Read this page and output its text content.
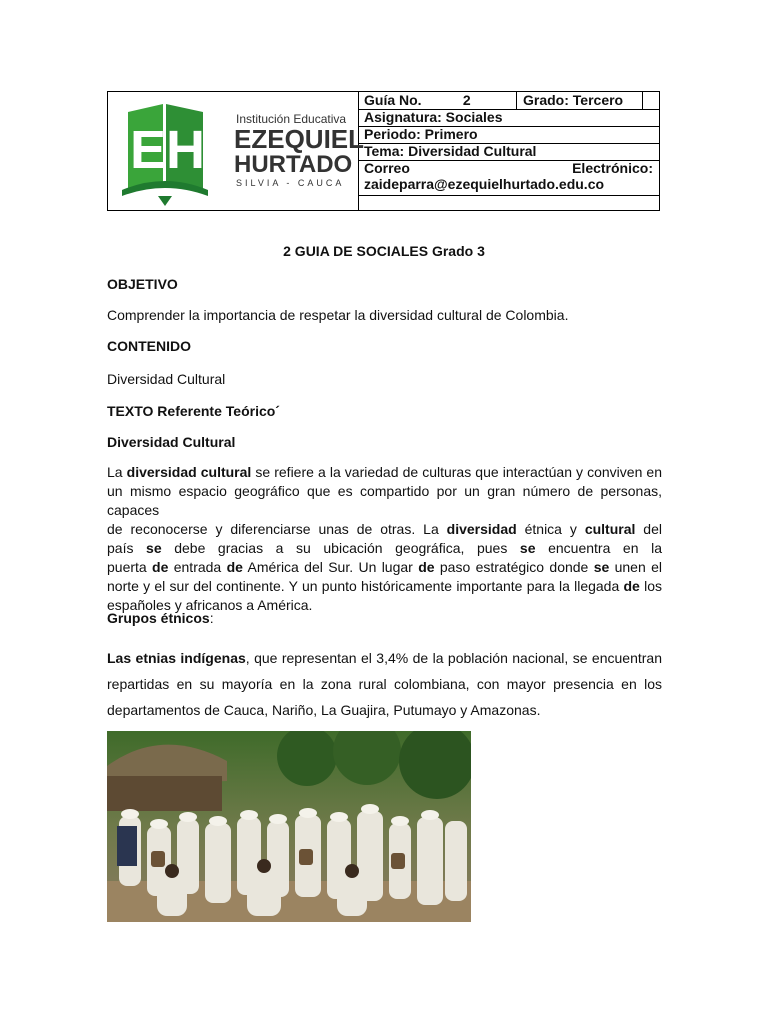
EH
Institución Educativa
EZEQUIEL
HURTADO
SILVIA - CAUCA
Guía No.	2	Grado: Tercero
Asignatura: Sociales
Periodo: Primero
Tema: Diversidad Cultural
Correo	Electrónico:
zaideparra@ezequielhurtado.edu.co
2 GUIA DE SOCIALES Grado 3
OBJETIVO
Comprender la importancia de respetar la diversidad cultural de Colombia.
CONTENIDO
Diversidad Cultural
TEXTO Referente Teórico´
Diversidad Cultural
La diversidad cultural se refiere a la variedad de culturas que interactúan y conviven en
un mismo espacio geográfico que es compartido por un gran número de personas, capaces
de reconocerse y diferenciarse unas de otras. La diversidad étnica y cultural del
país se debe gracias a su ubicación geográfica, pues se encuentra en la
puerta de entrada de América del Sur. Un lugar de paso estratégico donde se unen el
norte y el sur del continente. Y un punto históricamente importante para la llegada de los
españoles y africanos a América.
Grupos étnicos:
Las etnias indígenas, que representan el 3,4% de la población nacional, se encuentran
repartidas en su mayoría en la zona rural colombiana, con mayor presencia en los
departamentos de Cauca, Nariño, La Guajira, Putumayo y Amazonas.
